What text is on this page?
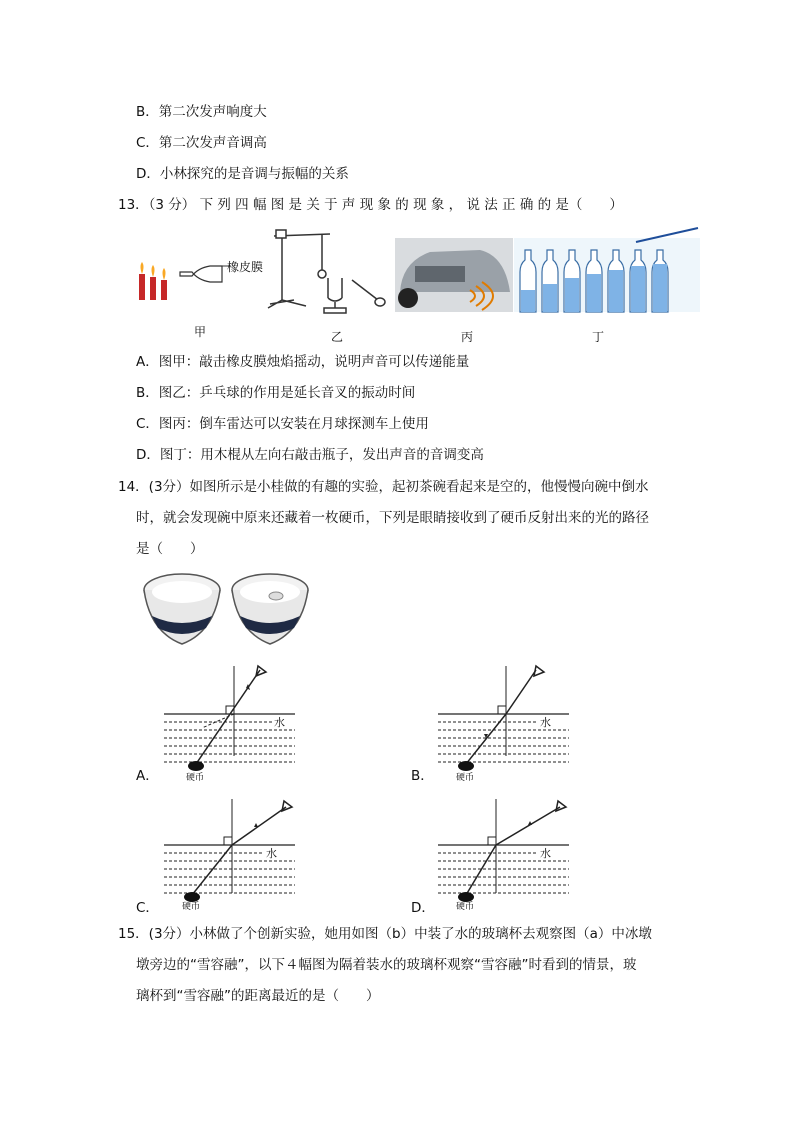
B．第二次发声响度大
C．第二次发声音调高
D．小林探究的是音调与振幅的关系
13．（3 分） 下 列 四 幅 图 是 关 于 声 现 象 的 现 象 ， 说 法 正 确 的 是（　　）
橡皮膜
甲	乙	丙	丁
A．图甲：敲击橡皮膜烛焰摇动，说明声音可以传递能量
B．图乙：乒乓球的作用是延长音叉的振动时间
C．图丙：倒车雷达可以安装在月球探测车上使用
D．图丁：用木棍从左向右敲击瓶子，发出声音的音调变高
14．(3分）如图所示是小桂做的有趣的实验，起初茶碗看起来是空的，他慢慢向碗中倒水
时，就会发现碗中原来还藏着一枚硬币，下列是眼睛接收到了硬币反射出来的光的路径
是（　　）
水
硬币
水
硬币
水
硬币
水
硬币
A．	B．
C．	D．
15．(3分）小林做了个创新实验，她用如图（b）中装了水的玻璃杯去观察图（a）中冰墩
墩旁边的“雪容融”，以下４幅图为隔着装水的玻璃杯观察“雪容融”时看到的情景，玻
璃杯到“雪容融”的距离最近的是（　　）
